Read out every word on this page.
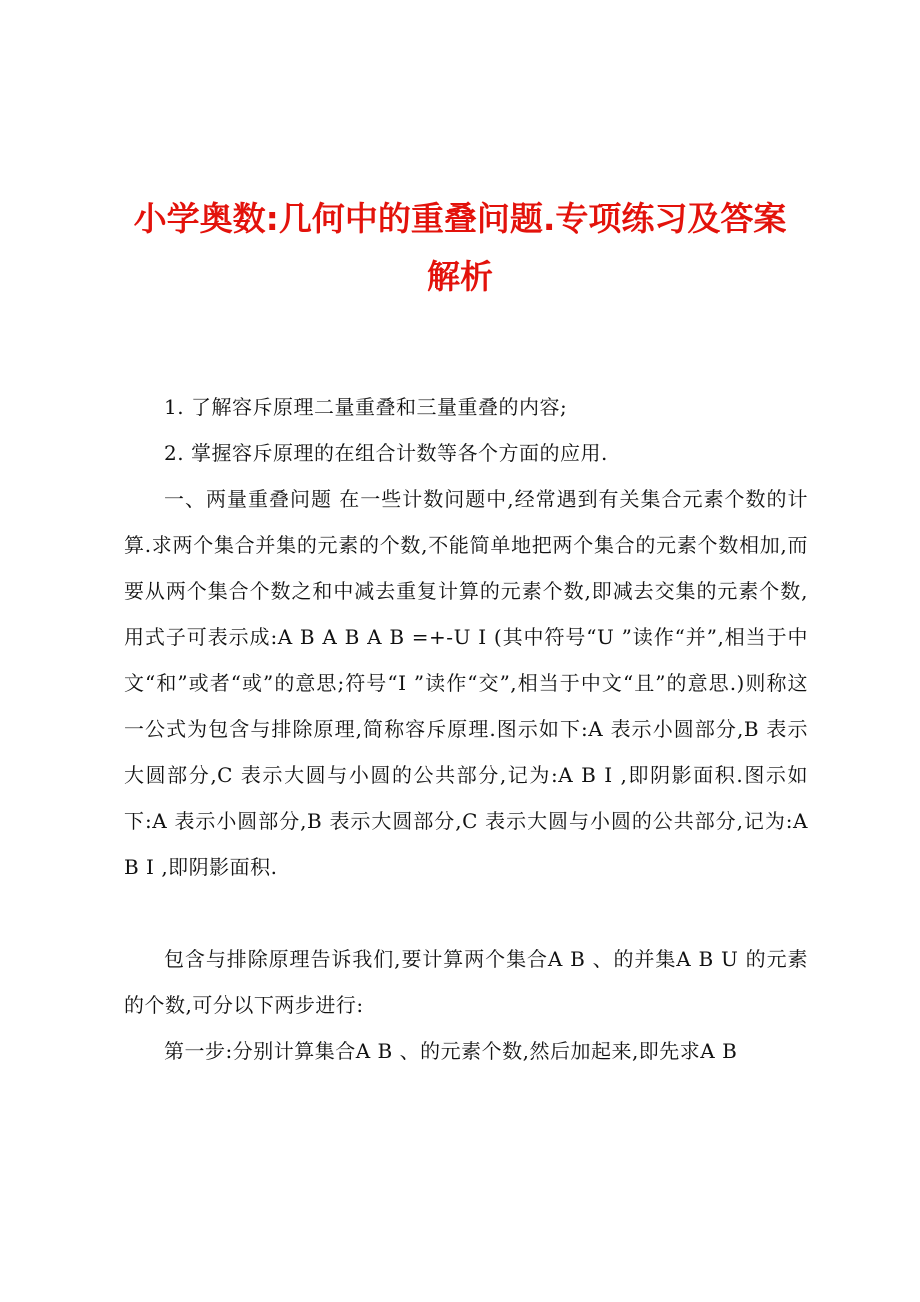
小学奥数:几何中的重叠问题.专项练习及答案
解析

1. 了解容斥原理二量重叠和三量重叠的内容;

2. 掌握容斥原理的在组合计数等各个方面的应用.

一、两量重叠问题 在一些计数问题中,经常遇到有关集合元素个数的计算.求两个集合并集的元素的个数,不能简单地把两个集合的元素个数相加,而要从两个集合个数之和中减去重复计算的元素个数,即减去交集的元素个数,用式子可表示成:A B A B A B =+-U I (其中符号“U ”读作“并”,相当于中文“和”或者“或”的意思;符号“I ”读作“交”,相当于中文“且”的意思.)则称这一公式为包含与排除原理,简称容斥原理.图示如下:A 表示小圆部分,B 表示大圆部分,C 表示大圆与小圆的公共部分,记为:A B I ,即阴影面积.图示如下:A 表示小圆部分,B 表示大圆部分,C 表示大圆与小圆的公共部分,记为:A B I ,即阴影面积.

包含与排除原理告诉我们,要计算两个集合A B 、的并集A B U 的元素的个数,可分以下两步进行:

第一步:分别计算集合A B 、的元素个数,然后加起来,即先求A B
